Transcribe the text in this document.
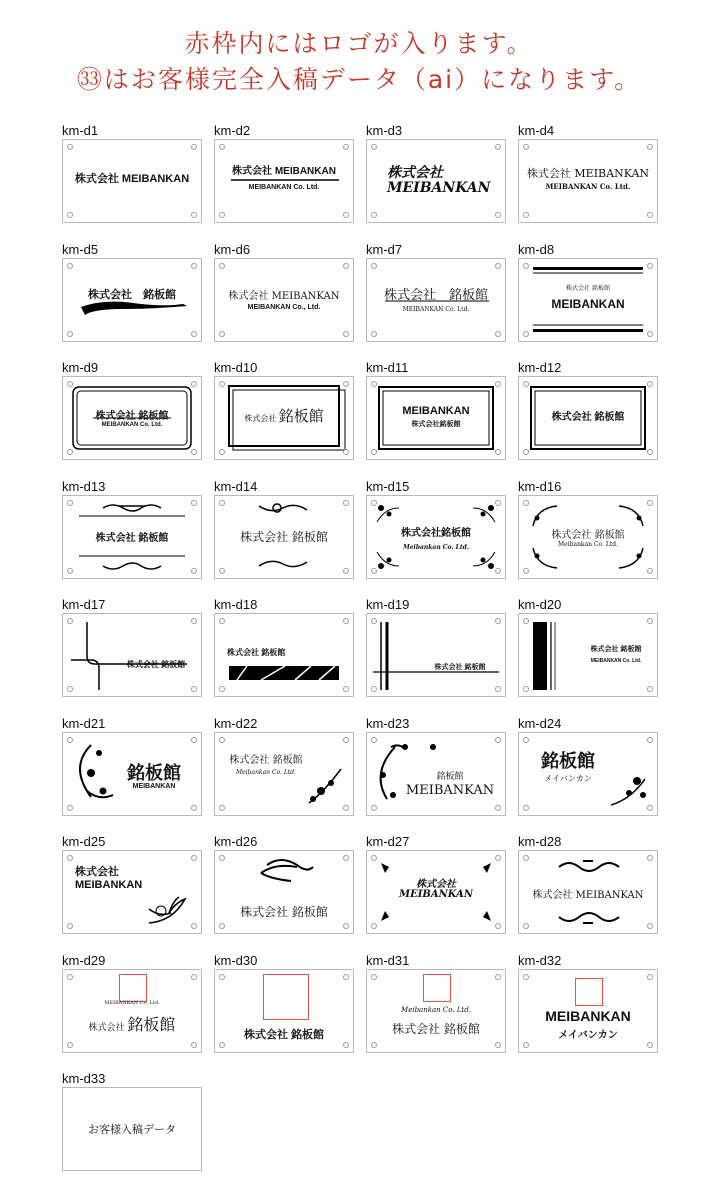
赤枠内にはロゴが入ります。
㉝はお客様完全入稿データ（ai）になります。
km-d1
株式会社 MEIBANKAN
km-d2
株式会社 MEIBANKAN
MEIBANKAN Co. Ltd.
km-d3
株式会社
MEIBANKAN
km-d4
株式会社 MEIBANKAN
MEIBANKAN Co. Ltd.
km-d5
株式会社　銘板館
km-d6
株式会社 MEIBANKAN
MEIBANKAN Co., Ltd.
km-d7
株式会社　銘板館
MEIBANKAN Co. Ltd.
km-d8
株式会社 銘板館
MEIBANKAN
km-d9
株式会社 銘板館
MEIBANKAN Co. Ltd.
km-d10
株式会社 銘板館
km-d11
MEIBANKAN
株式会社銘板館
km-d12
株式会社 銘板館
km-d13
株式会社 銘板館
km-d14
株式会社 銘板館
km-d15
株式会社銘板館
Meibankan Co. Ltd.
km-d16
株式会社 銘板館
Meibankan Co. Ltd.
km-d17
株式会社 銘板館
km-d18
株式会社 銘板館
km-d19
株式会社 銘板館
km-d20
株式会社 銘板館
MEIBANKAN Co. Ltd.
km-d21
銘板館
MEIBANKAN
km-d22
株式会社 銘板館
Meibankan Co. Ltd.
km-d23
銘板館
MEIBANKAN
km-d24
銘板館
メイバンカン
km-d25
株式会社
MEIBANKAN
km-d26
株式会社 銘板館
km-d27
株式会社
MEIBANKAN
km-d28
株式会社 MEIBANKAN
km-d29
MEIBANKAN Co. Ltd.
株式会社 銘板館
km-d30
株式会社 銘板館
km-d31
Meibankan Co. Ltd.
株式会社 銘板館
km-d32
MEIBANKAN
メイバンカン
km-d33
お客様入稿データ
